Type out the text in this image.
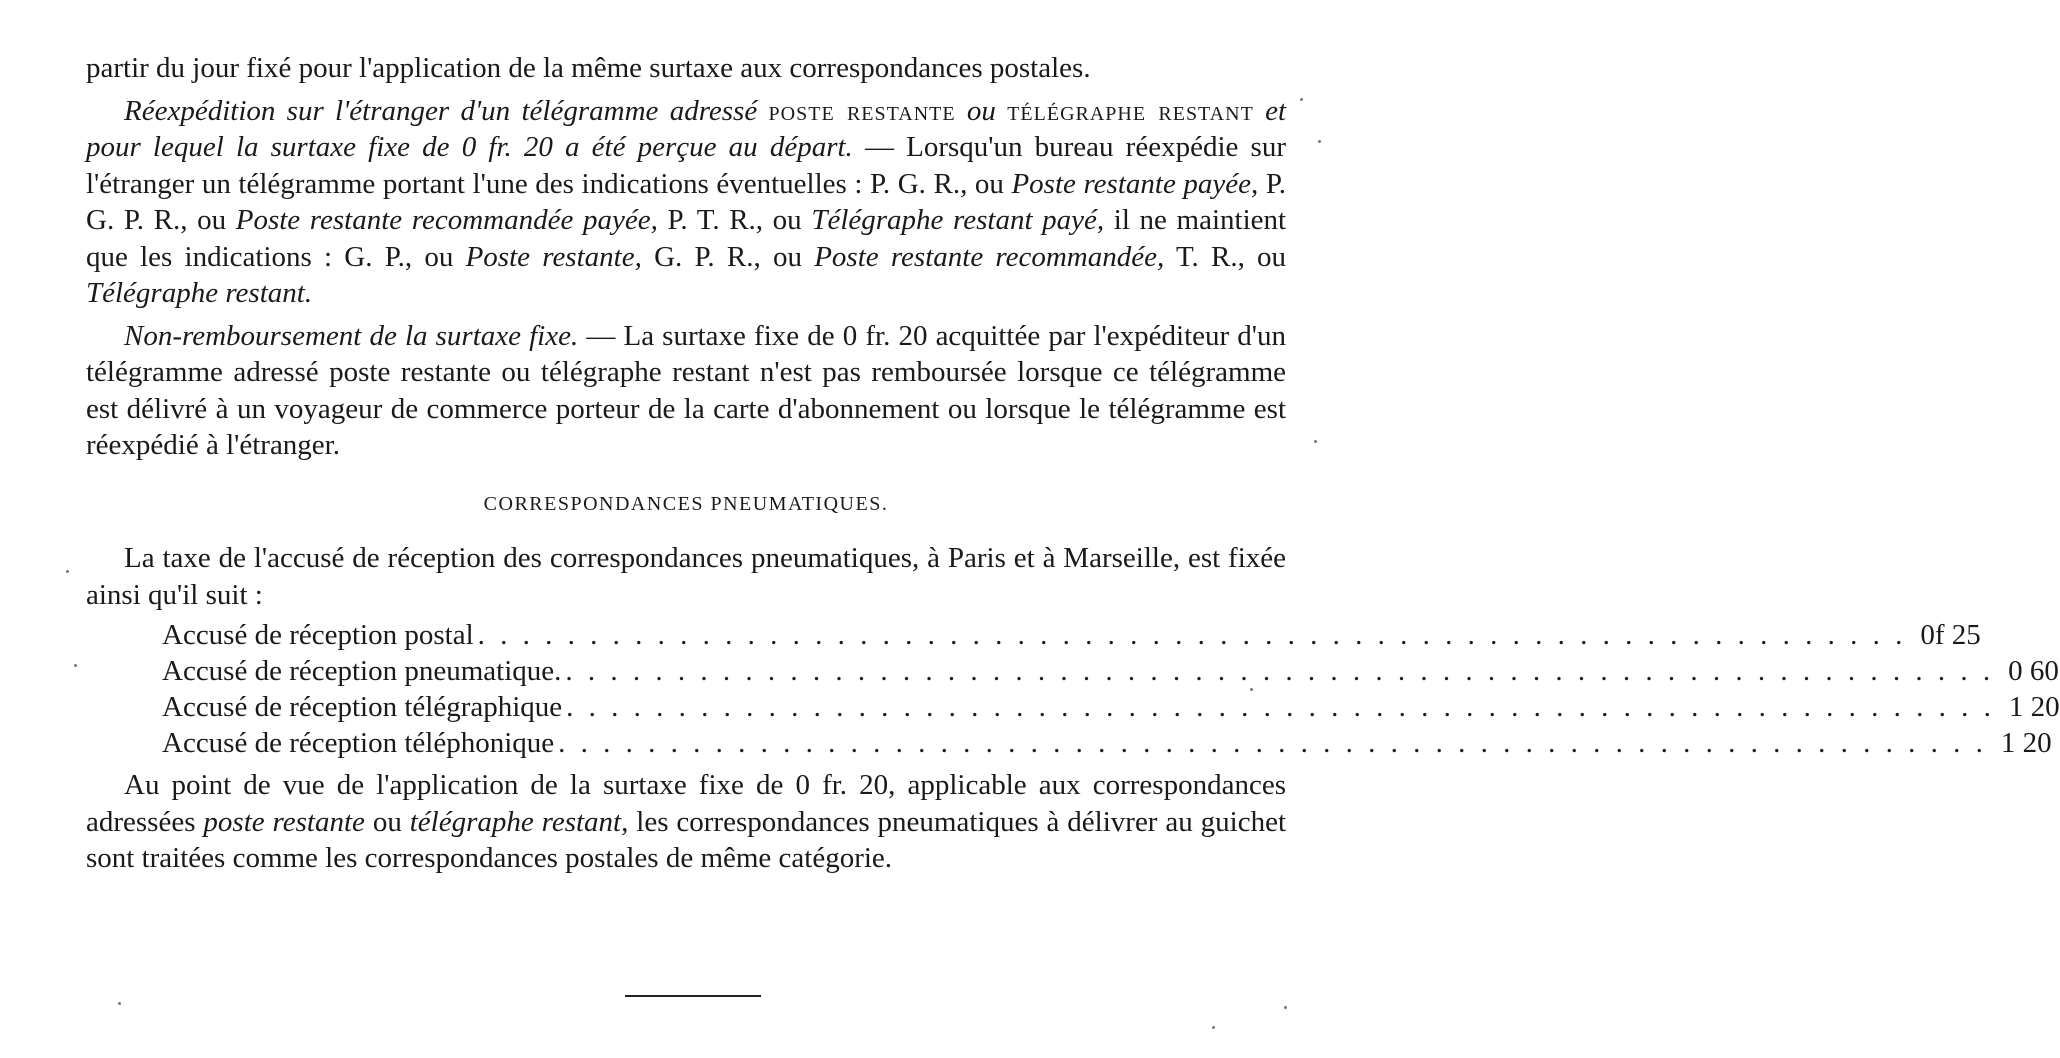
partir du jour fixé pour l'application de la même surtaxe aux correspondances postales.

Réexpédition sur l'étranger d'un télégramme adressé poste restante ou télégraphe restant et pour lequel la surtaxe fixe de 0 fr. 20 a été perçue au départ. — Lorsqu'un bureau réexpédie sur l'étranger un télégramme portant l'une des indications éventuelles : P. G. R., ou Poste restante payée, P. G. P. R., ou Poste restante recommandée payée, P. T. R., ou Télégraphe restant payé, il ne maintient que les indications : G. P., ou Poste restante, G. P. R., ou Poste restante recommandée, T. R., ou Télégraphe restant.

Non-remboursement de la surtaxe fixe. — La surtaxe fixe de 0 fr. 20 acquittée par l'expéditeur d'un télégramme adressé poste restante ou télégraphe restant n'est pas remboursée lorsque ce télégramme est délivré à un voyageur de commerce porteur de la carte d'abonnement ou lorsque le télégramme est réexpédié à l'étranger.

CORRESPONDANCES PNEUMATIQUES.

La taxe de l'accusé de réception des correspondances pneumatiques, à Paris et à Marseille, est fixée ainsi qu'il suit :

Accusé de réception postal . . . . . . . . . . . . . . . . . . . . . . . . . . . . . . . . . . . . . . . . . . . . . . . . . . . . . . . . . . . . . . . . 0f 25
Accusé de réception pneumatique. . . . . . . . . . . . . . . . . . . . . . . . . . . . . . . . . . . . . . . . . . . . . . . . . . . . . . . . . . . . . . . . . 0 60
Accusé de réception télégraphique . . . . . . . . . . . . . . . . . . . . . . . . . . . . . . . . . . . . . . . . . . . . . . . . . . . . . . . . . . . . . . . . 1 20
Accusé de réception téléphonique . . . . . . . . . . . . . . . . . . . . . . . . . . . . . . . . . . . . . . . . . . . . . . . . . . . . . . . . . . . . . . . . 1 20

Au point de vue de l'application de la surtaxe fixe de 0 fr. 20, applicable aux correspondances adressées poste restante ou télégraphe restant, les correspondances pneumatiques à délivrer au guichet sont traitées comme les correspondances postales de même catégorie.
